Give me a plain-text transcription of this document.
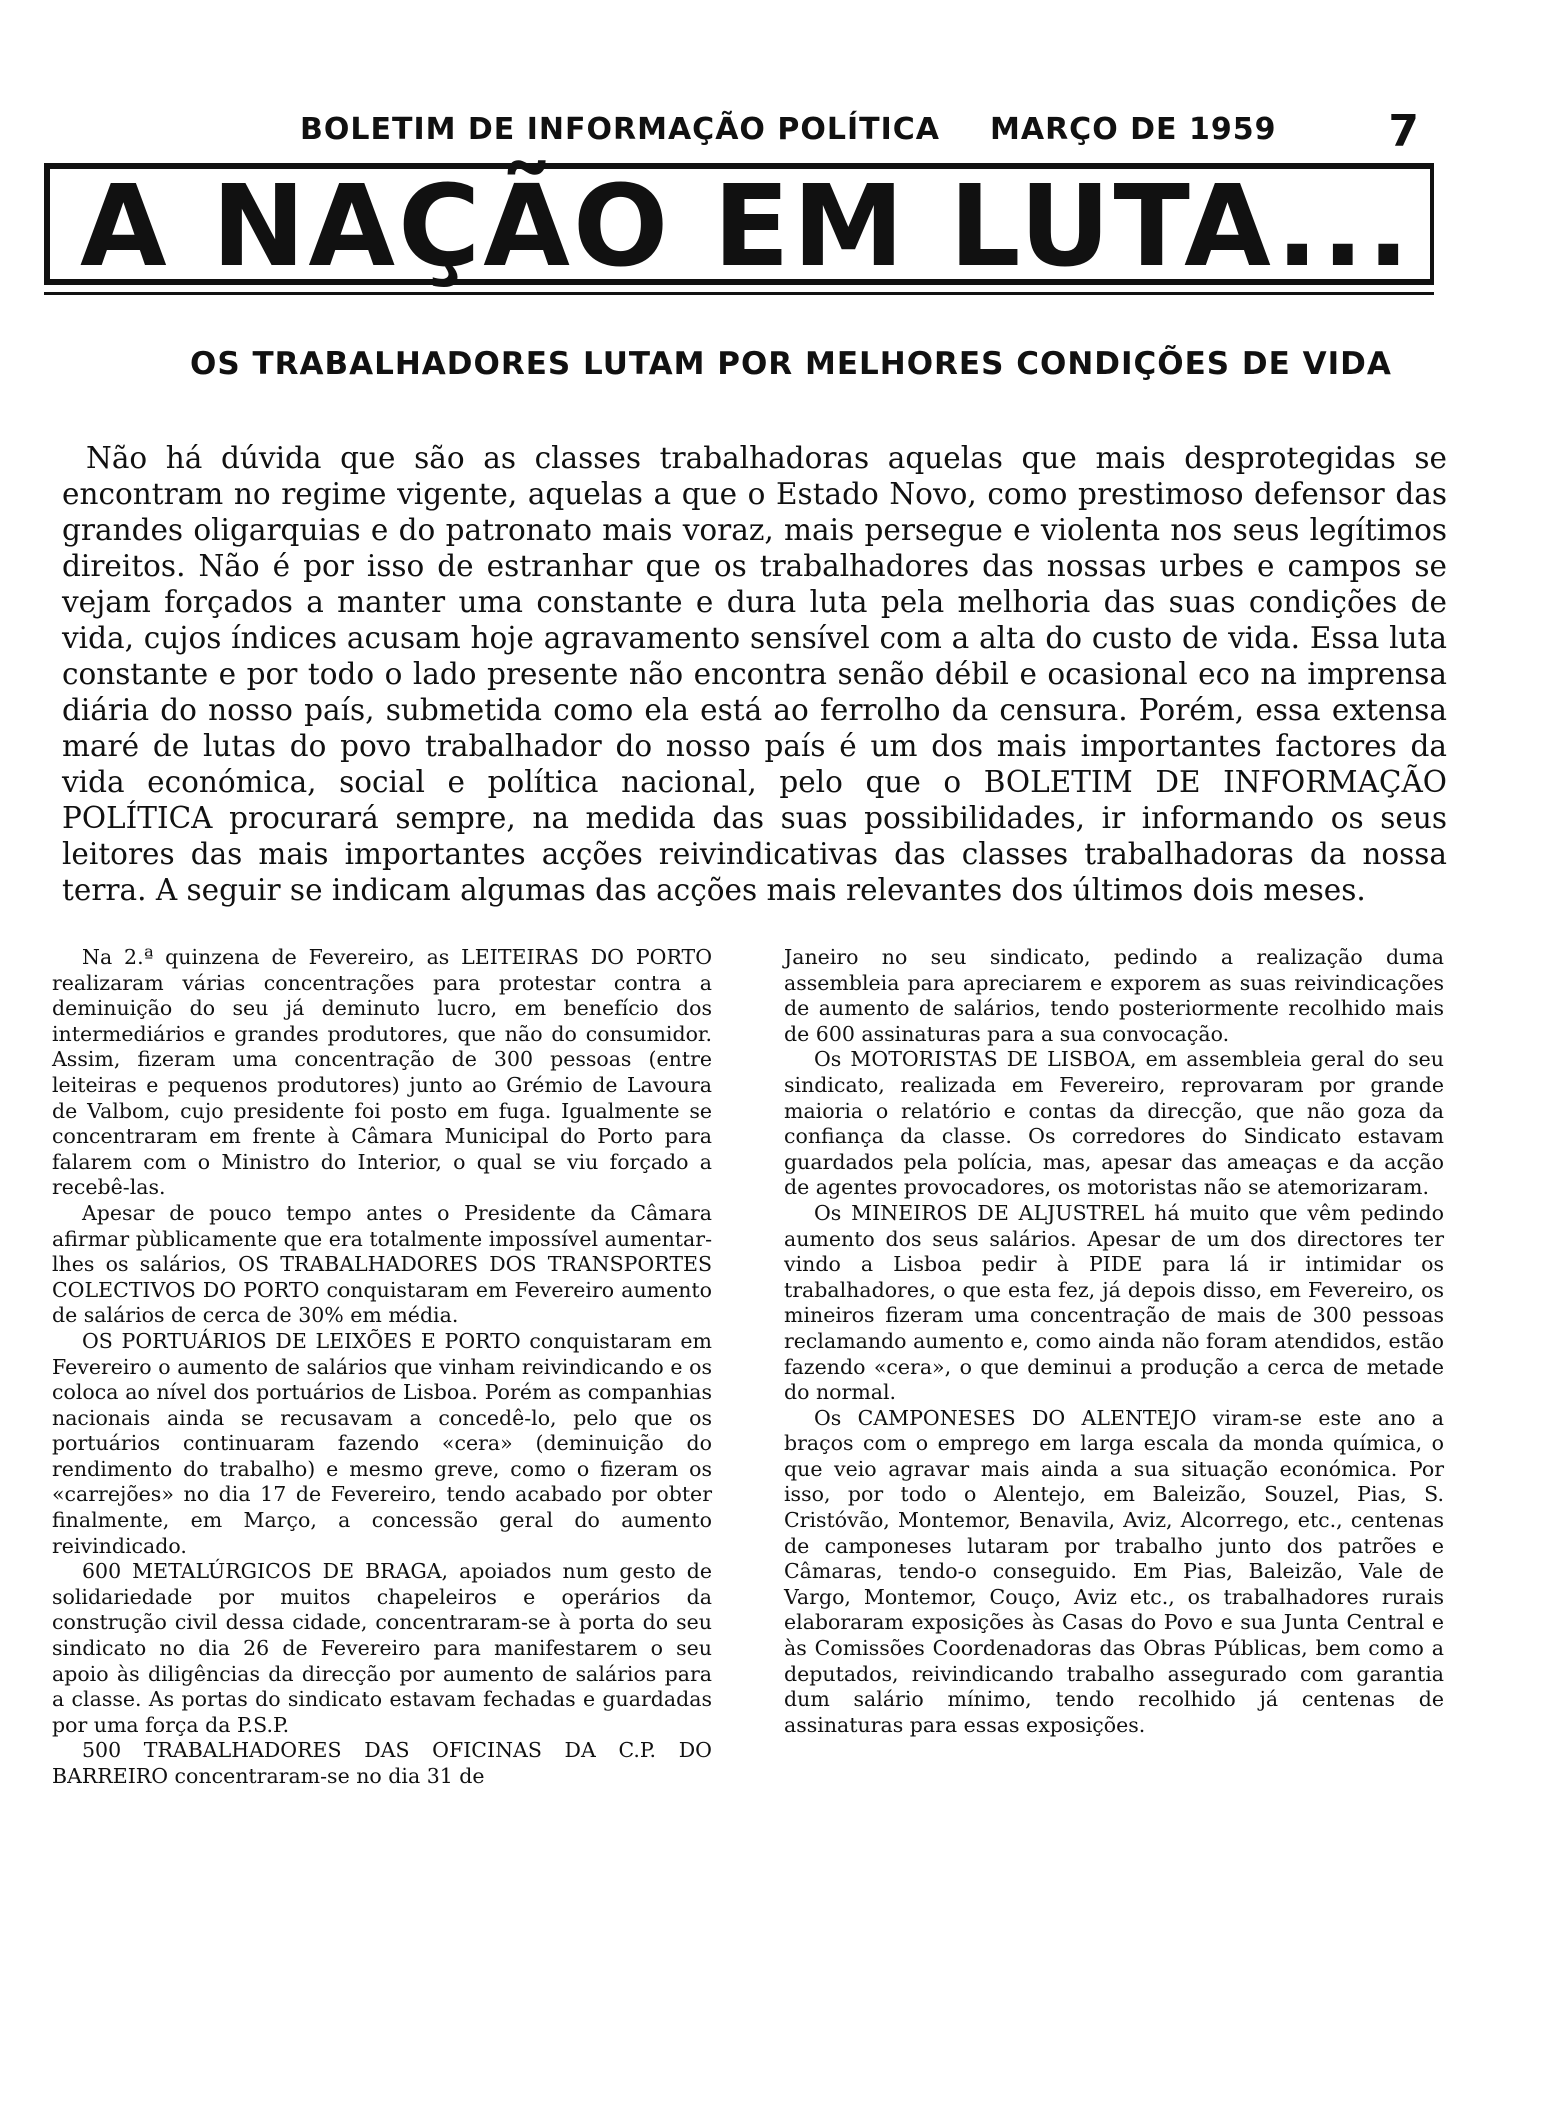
BOLETIM DE INFORMAÇÃO POLÍTICA MARÇO DE 1959	7
A NAÇÃO EM LUTA...
OS TRABALHADORES LUTAM POR MELHORES CONDIÇÕES DE VIDA

Não há dúvida que são as classes trabalhadoras aquelas que mais desprotegidas se encontram no regime vigente, aquelas a que o Estado Novo, como prestimoso defensor das grandes oligarquias e do patronato mais voraz, mais persegue e violenta nos seus legítimos direitos. Não é por isso de estranhar que os trabalhadores das nossas urbes e campos se vejam forçados a manter uma constante e dura luta pela melhoria das suas condições de vida, cujos índices acusam hoje agravamento sensível com a alta do custo de vida. Essa luta constante e por todo o lado presente não encontra senão débil e ocasional eco na imprensa diária do nosso país, submetida como ela está ao ferrolho da censura. Porém, essa extensa maré de lutas do povo trabalhador do nosso país é um dos mais importantes factores da vida económica, social e política nacional, pelo que o BOLETIM DE INFORMAÇÃO POLÍTICA procurará sempre, na medida das suas possibilidades, ir informando os seus leitores das mais importantes acções reivindicativas das classes trabalhadoras da nossa terra. A seguir se indicam algumas das acções mais relevantes dos últimos dois meses.

Na 2.ª quinzena de Fevereiro, as LEITEIRAS DO PORTO realizaram várias concentrações para protestar contra a deminuição do seu já deminuto lucro, em benefício dos intermediários e grandes produtores, que não do consumidor. Assim, fizeram uma concentração de 300 pessoas (entre leiteiras e pequenos produtores) junto ao Grémio de Lavoura de Valbom, cujo presidente foi posto em fuga. Igualmente se concentraram em frente à Câmara Municipal do Porto para falarem com o Ministro do Interior, o qual se viu forçado a recebê-las.

Apesar de pouco tempo antes o Presidente da Câmara afirmar pùblicamente que era totalmente impossível aumentar-lhes os salários, OS TRABALHADORES DOS TRANSPORTES COLECTIVOS DO PORTO conquistaram em Fevereiro aumento de salários de cerca de 30% em média.

OS PORTUÁRIOS DE LEIXÕES E PORTO conquistaram em Fevereiro o aumento de salários que vinham reivindicando e os coloca ao nível dos portuários de Lisboa. Porém as companhias nacionais ainda se recusavam a concedê-lo, pelo que os portuários continuaram fazendo «cera» (deminuição do rendimento do trabalho) e mesmo greve, como o fizeram os «carrejões» no dia 17 de Fevereiro, tendo acabado por obter finalmente, em Março, a concessão geral do aumento reivindicado.

600 METALÚRGICOS DE BRAGA, apoiados num gesto de solidariedade por muitos chapeleiros e operários da construção civil dessa cidade, concentraram-se à porta do seu sindicato no dia 26 de Fevereiro para manifestarem o seu apoio às diligências da direcção por aumento de salários para a classe. As portas do sindicato estavam fechadas e guardadas por uma força da P.S.P.

500 TRABALHADORES DAS OFICINAS DA C.P. DO BARREIRO concentraram-se no dia 31 de

Janeiro no seu sindicato, pedindo a realização duma assembleia para apreciarem e exporem as suas reivindicações de aumento de salários, tendo posteriormente recolhido mais de 600 assinaturas para a sua convocação.

Os MOTORISTAS DE LISBOA, em assembleia geral do seu sindicato, realizada em Fevereiro, reprovaram por grande maioria o relatório e contas da direcção, que não goza da confiança da classe. Os corredores do Sindicato estavam guardados pela polícia, mas, apesar das ameaças e da acção de agentes provocadores, os motoristas não se atemorizaram.

Os MINEIROS DE ALJUSTREL há muito que vêm pedindo aumento dos seus salários. Apesar de um dos directores ter vindo a Lisboa pedir à PIDE para lá ir intimidar os trabalhadores, o que esta fez, já depois disso, em Fevereiro, os mineiros fizeram uma concentração de mais de 300 pessoas reclamando aumento e, como ainda não foram atendidos, estão fazendo «cera», o que deminui a produção a cerca de metade do normal.

Os CAMPONESES DO ALENTEJO viram-se este ano a braços com o emprego em larga escala da monda química, o que veio agravar mais ainda a sua situação económica. Por isso, por todo o Alentejo, em Baleizão, Souzel, Pias, S. Cristóvão, Montemor, Benavila, Aviz, Alcorrego, etc., centenas de camponeses lutaram por trabalho junto dos patrões e Câmaras, tendo-o conseguido. Em Pias, Baleizão, Vale de Vargo, Montemor, Couço, Aviz etc., os trabalhadores rurais elaboraram exposições às Casas do Povo e sua Junta Central e às Comissões Coordenadoras das Obras Públicas, bem como a deputados, reivindicando trabalho assegurado com garantia dum salário mínimo, tendo recolhido já centenas de assinaturas para essas exposições.
